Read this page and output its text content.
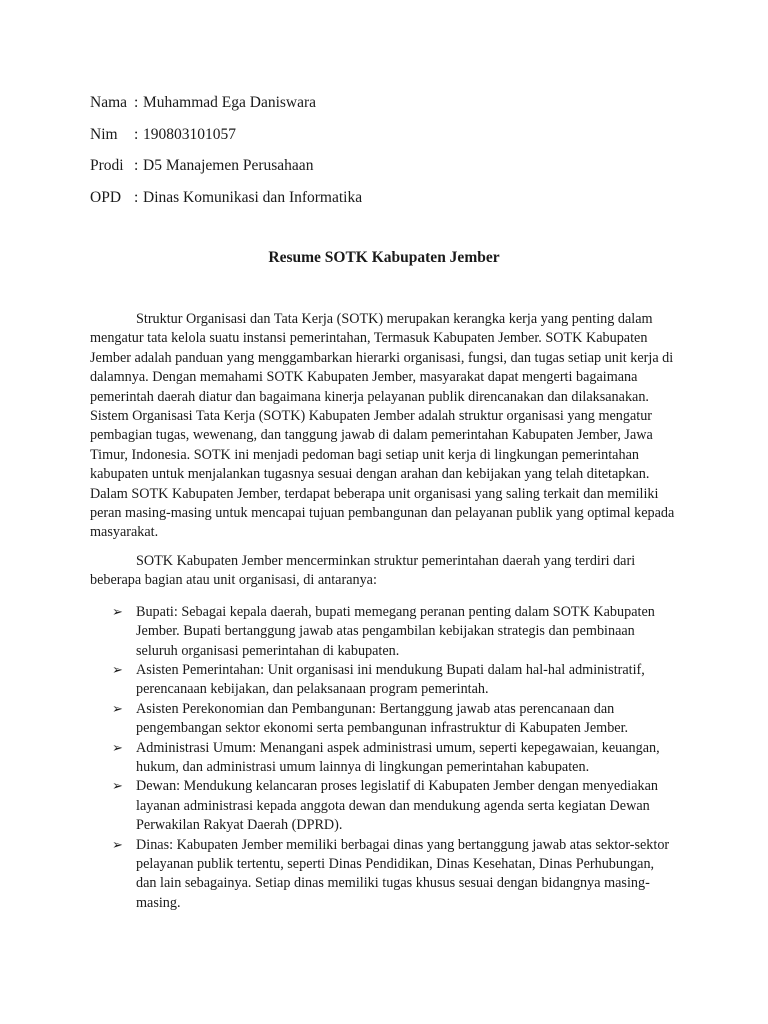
Nama : Muhammad Ega Daniswara
Nim : 190803101057
Prodi : D5 Manajemen Perusahaan
OPD : Dinas Komunikasi dan Informatika
Resume SOTK Kabupaten Jember

Struktur Organisasi dan Tata Kerja (SOTK) merupakan kerangka kerja yang penting dalam mengatur tata kelola suatu instansi pemerintahan, Termasuk Kabupaten Jember. SOTK Kabupaten Jember adalah panduan yang menggambarkan hierarki organisasi, fungsi, dan tugas setiap unit kerja di dalamnya. Dengan memahami SOTK Kabupaten Jember, masyarakat dapat mengerti bagaimana pemerintah daerah diatur dan bagaimana kinerja pelayanan publik direncanakan dan dilaksanakan. Sistem Organisasi Tata Kerja (SOTK) Kabupaten Jember adalah struktur organisasi yang mengatur pembagian tugas, wewenang, dan tanggung jawab di dalam pemerintahan Kabupaten Jember, Jawa Timur, Indonesia. SOTK ini menjadi pedoman bagi setiap unit kerja di lingkungan pemerintahan kabupaten untuk menjalankan tugasnya sesuai dengan arahan dan kebijakan yang telah ditetapkan. Dalam SOTK Kabupaten Jember, terdapat beberapa unit organisasi yang saling terkait dan memiliki peran masing-masing untuk mencapai tujuan pembangunan dan pelayanan publik yang optimal kepada masyarakat.

SOTK Kabupaten Jember mencerminkan struktur pemerintahan daerah yang terdiri dari beberapa bagian atau unit organisasi, di antaranya:

➢ Bupati: Sebagai kepala daerah, bupati memegang peranan penting dalam SOTK Kabupaten Jember. Bupati bertanggung jawab atas pengambilan kebijakan strategis dan pembinaan seluruh organisasi pemerintahan di kabupaten.
➢ Asisten Pemerintahan: Unit organisasi ini mendukung Bupati dalam hal-hal administratif, perencanaan kebijakan, dan pelaksanaan program pemerintah.
➢ Asisten Perekonomian dan Pembangunan: Bertanggung jawab atas perencanaan dan pengembangan sektor ekonomi serta pembangunan infrastruktur di Kabupaten Jember.
➢ Administrasi Umum: Menangani aspek administrasi umum, seperti kepegawaian, keuangan, hukum, dan administrasi umum lainnya di lingkungan pemerintahan kabupaten.
➢ Dewan: Mendukung kelancaran proses legislatif di Kabupaten Jember dengan menyediakan layanan administrasi kepada anggota dewan dan mendukung agenda serta kegiatan Dewan Perwakilan Rakyat Daerah (DPRD).
➢ Dinas: Kabupaten Jember memiliki berbagai dinas yang bertanggung jawab atas sektor-sektor pelayanan publik tertentu, seperti Dinas Pendidikan, Dinas Kesehatan, Dinas Perhubungan, dan lain sebagainya. Setiap dinas memiliki tugas khusus sesuai dengan bidangnya masing-masing.
